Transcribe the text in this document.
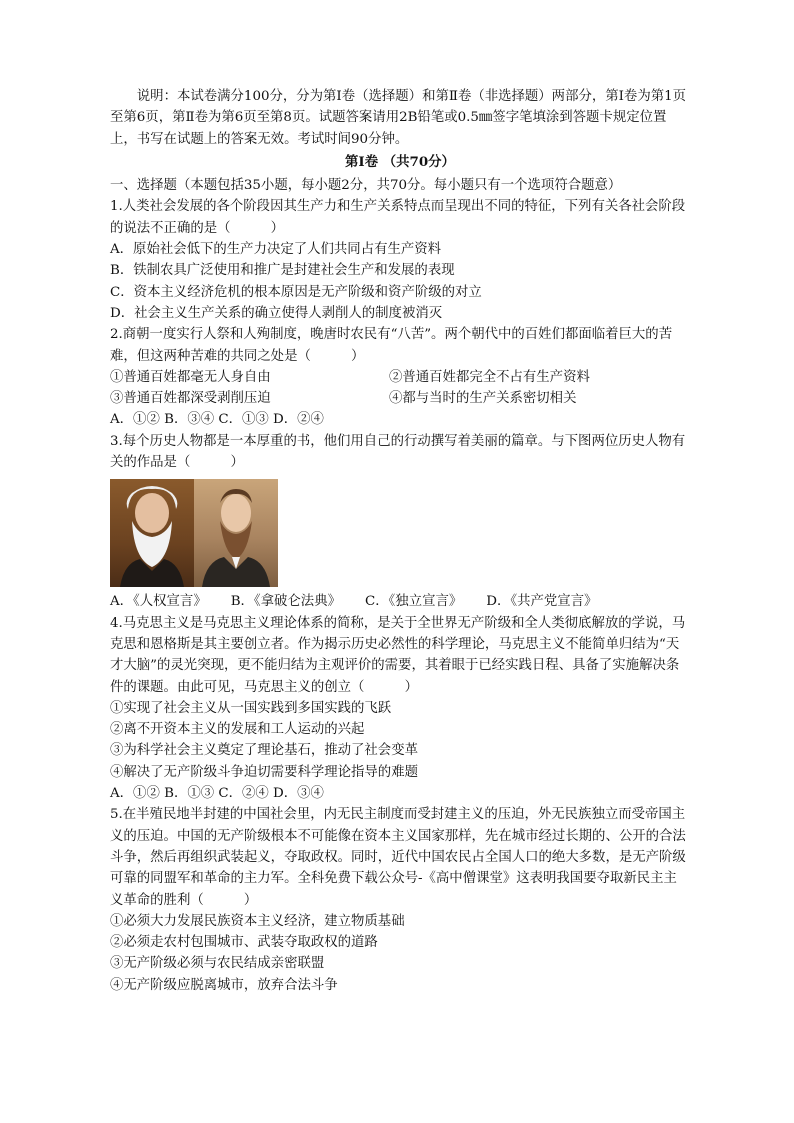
说明：本试卷满分100分，分为第Ⅰ卷（选择题）和第Ⅱ卷（非选择题）两部分，第Ⅰ卷为第1页至第6页，第Ⅱ卷为第6页至第8页。试题答案请用2B铅笔或0.5㎜签字笔填涂到答题卡规定位置上，书写在试题上的答案无效。考试时间90分钟。

第Ⅰ卷 （共70分）

一、选择题（本题包括35小题，每小题2分，共70分。每小题只有一个选项符合题意）

1.人类社会发展的各个阶段因其生产力和生产关系特点而呈现出不同的特征，下列有关各社会阶段的说法不正确的是（　　　）

A．原始社会低下的生产力决定了人们共同占有生产资料

B．铁制农具广泛使用和推广是封建社会生产和发展的表现

C．资本主义经济危机的根本原因是无产阶级和资产阶级的对立

D．社会主义生产关系的确立使得人剥削人的制度被消灭

2.商朝一度实行人祭和人殉制度，晚唐时农民有“八苦”。两个朝代中的百姓们都面临着巨大的苦难，但这两种苦难的共同之处是（　　　）

①普通百姓都毫无人身自由	②普通百姓都完全不占有生产资料
③普通百姓都深受剥削压迫	④都与当时的生产关系密切相关

A．①② B．③④ C．①③ D．②④

3.每个历史人物都是一本厚重的书，他们用自己的行动撰写着美丽的篇章。与下图两位历史人物有关的作品是（　　　）

A．《人权宣言》 B．《拿破仑法典》 C．《独立宣言》 D．《共产党宣言》

4.马克思主义是马克思主义理论体系的简称，是关于全世界无产阶级和全人类彻底解放的学说，马克思和恩格斯是其主要创立者。作为揭示历史必然性的科学理论，马克思主义不能简单归结为“天才大脑”的灵光突现，更不能归结为主观评价的需要，其着眼于已经实践日程、具备了实施解决条件的课题。由此可见，马克思主义的创立（　　　）

①实现了社会主义从一国实践到多国实践的飞跃

②离不开资本主义的发展和工人运动的兴起

③为科学社会主义奠定了理论基石，推动了社会变革

④解决了无产阶级斗争迫切需要科学理论指导的难题

A．①② B．①③ C．②④ D．③④

5.在半殖民地半封建的中国社会里，内无民主制度而受封建主义的压迫，外无民族独立而受帝国主义的压迫。中国的无产阶级根本不可能像在资本主义国家那样，先在城市经过长期的、公开的合法斗争，然后再组织武装起义，夺取政权。同时，近代中国农民占全国人口的绝大多数，是无产阶级可靠的同盟军和革命的主力军。全科免费下载公众号-《高中僧课堂》这表明我国要夺取新民主主义革命的胜利（　　　）

①必须大力发展民族资本主义经济，建立物质基础

②必须走农村包围城市、武装夺取政权的道路

③无产阶级必须与农民结成亲密联盟

④无产阶级应脱离城市，放弃合法斗争
